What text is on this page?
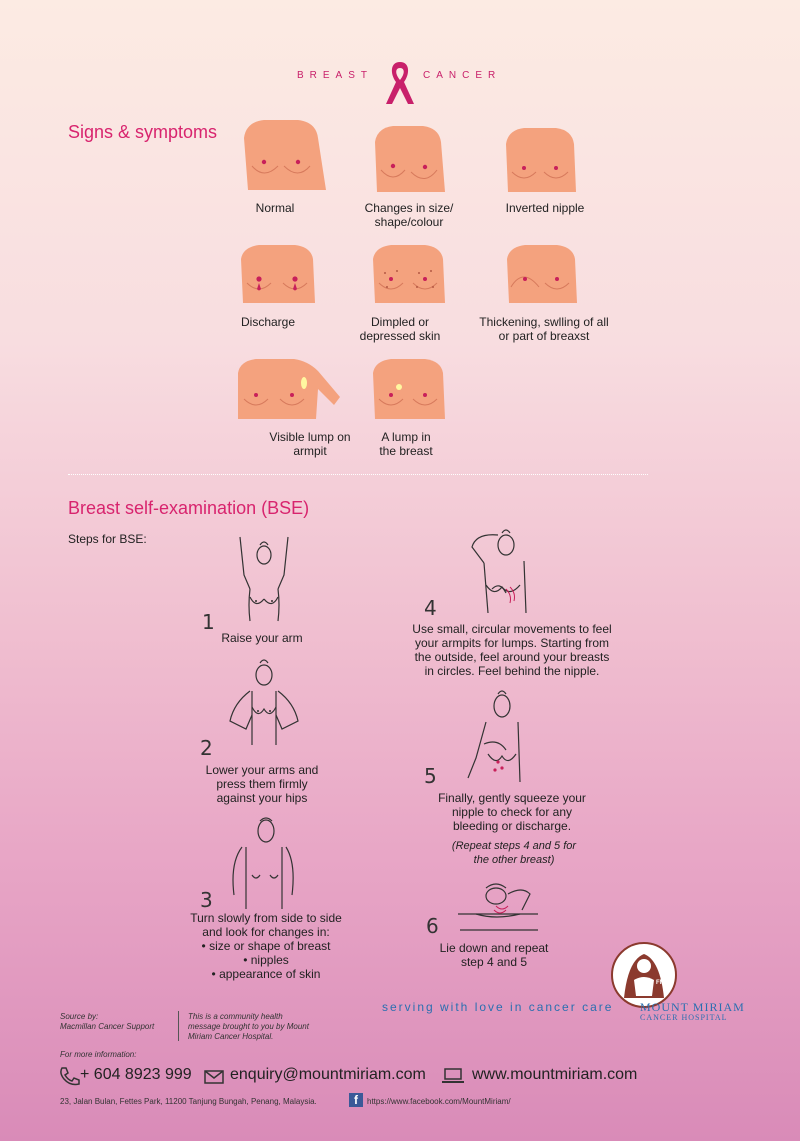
BREAST	CANCER
Signs & symptoms
Normal	Changes in size/
shape/colour
Inverted nipple
Discharge	Dimpled or
depressed skin
Thickening, swlling of all
or part of breaxst
Visible lump on
armpit
A lump in
the breast
Breast self-examination (BSE)
Steps for BSE:
1
Raise your arm
2
Lower your arms and
press them firmly
against your hips
3
Turn slowly from side to side
and look for changes in:
• size or shape of breast
• nipples
• appearance of skin
4
Use small, circular movements to feel
your armpits for lumps. Starting from
the outside, feel around your breasts
in circles. Feel behind the nipple.
5
Finally, gently squeeze your
nipple to check for any
bleeding or discharge.
(Repeat steps 4 and 5 for
the other breast)
6
Lie down and repeat
step 4 and 5
serving with love in cancer care
FMSM
MOUNT MIRIAM
CANCER HOSPITAL
Source by:
Macmillan Cancer Support
This is a community health
message brought to you by Mount
Miriam Cancer Hospital.
For more information:
+ 604 8923 999 enquiry@mountmiriam.com	www.mountmiriam.com
23, Jalan Bulan, Fettes Park, 11200 Tanjung Bungah, Penang, Malaysia.	f	https://www.facebook.com/MountMiriam/
